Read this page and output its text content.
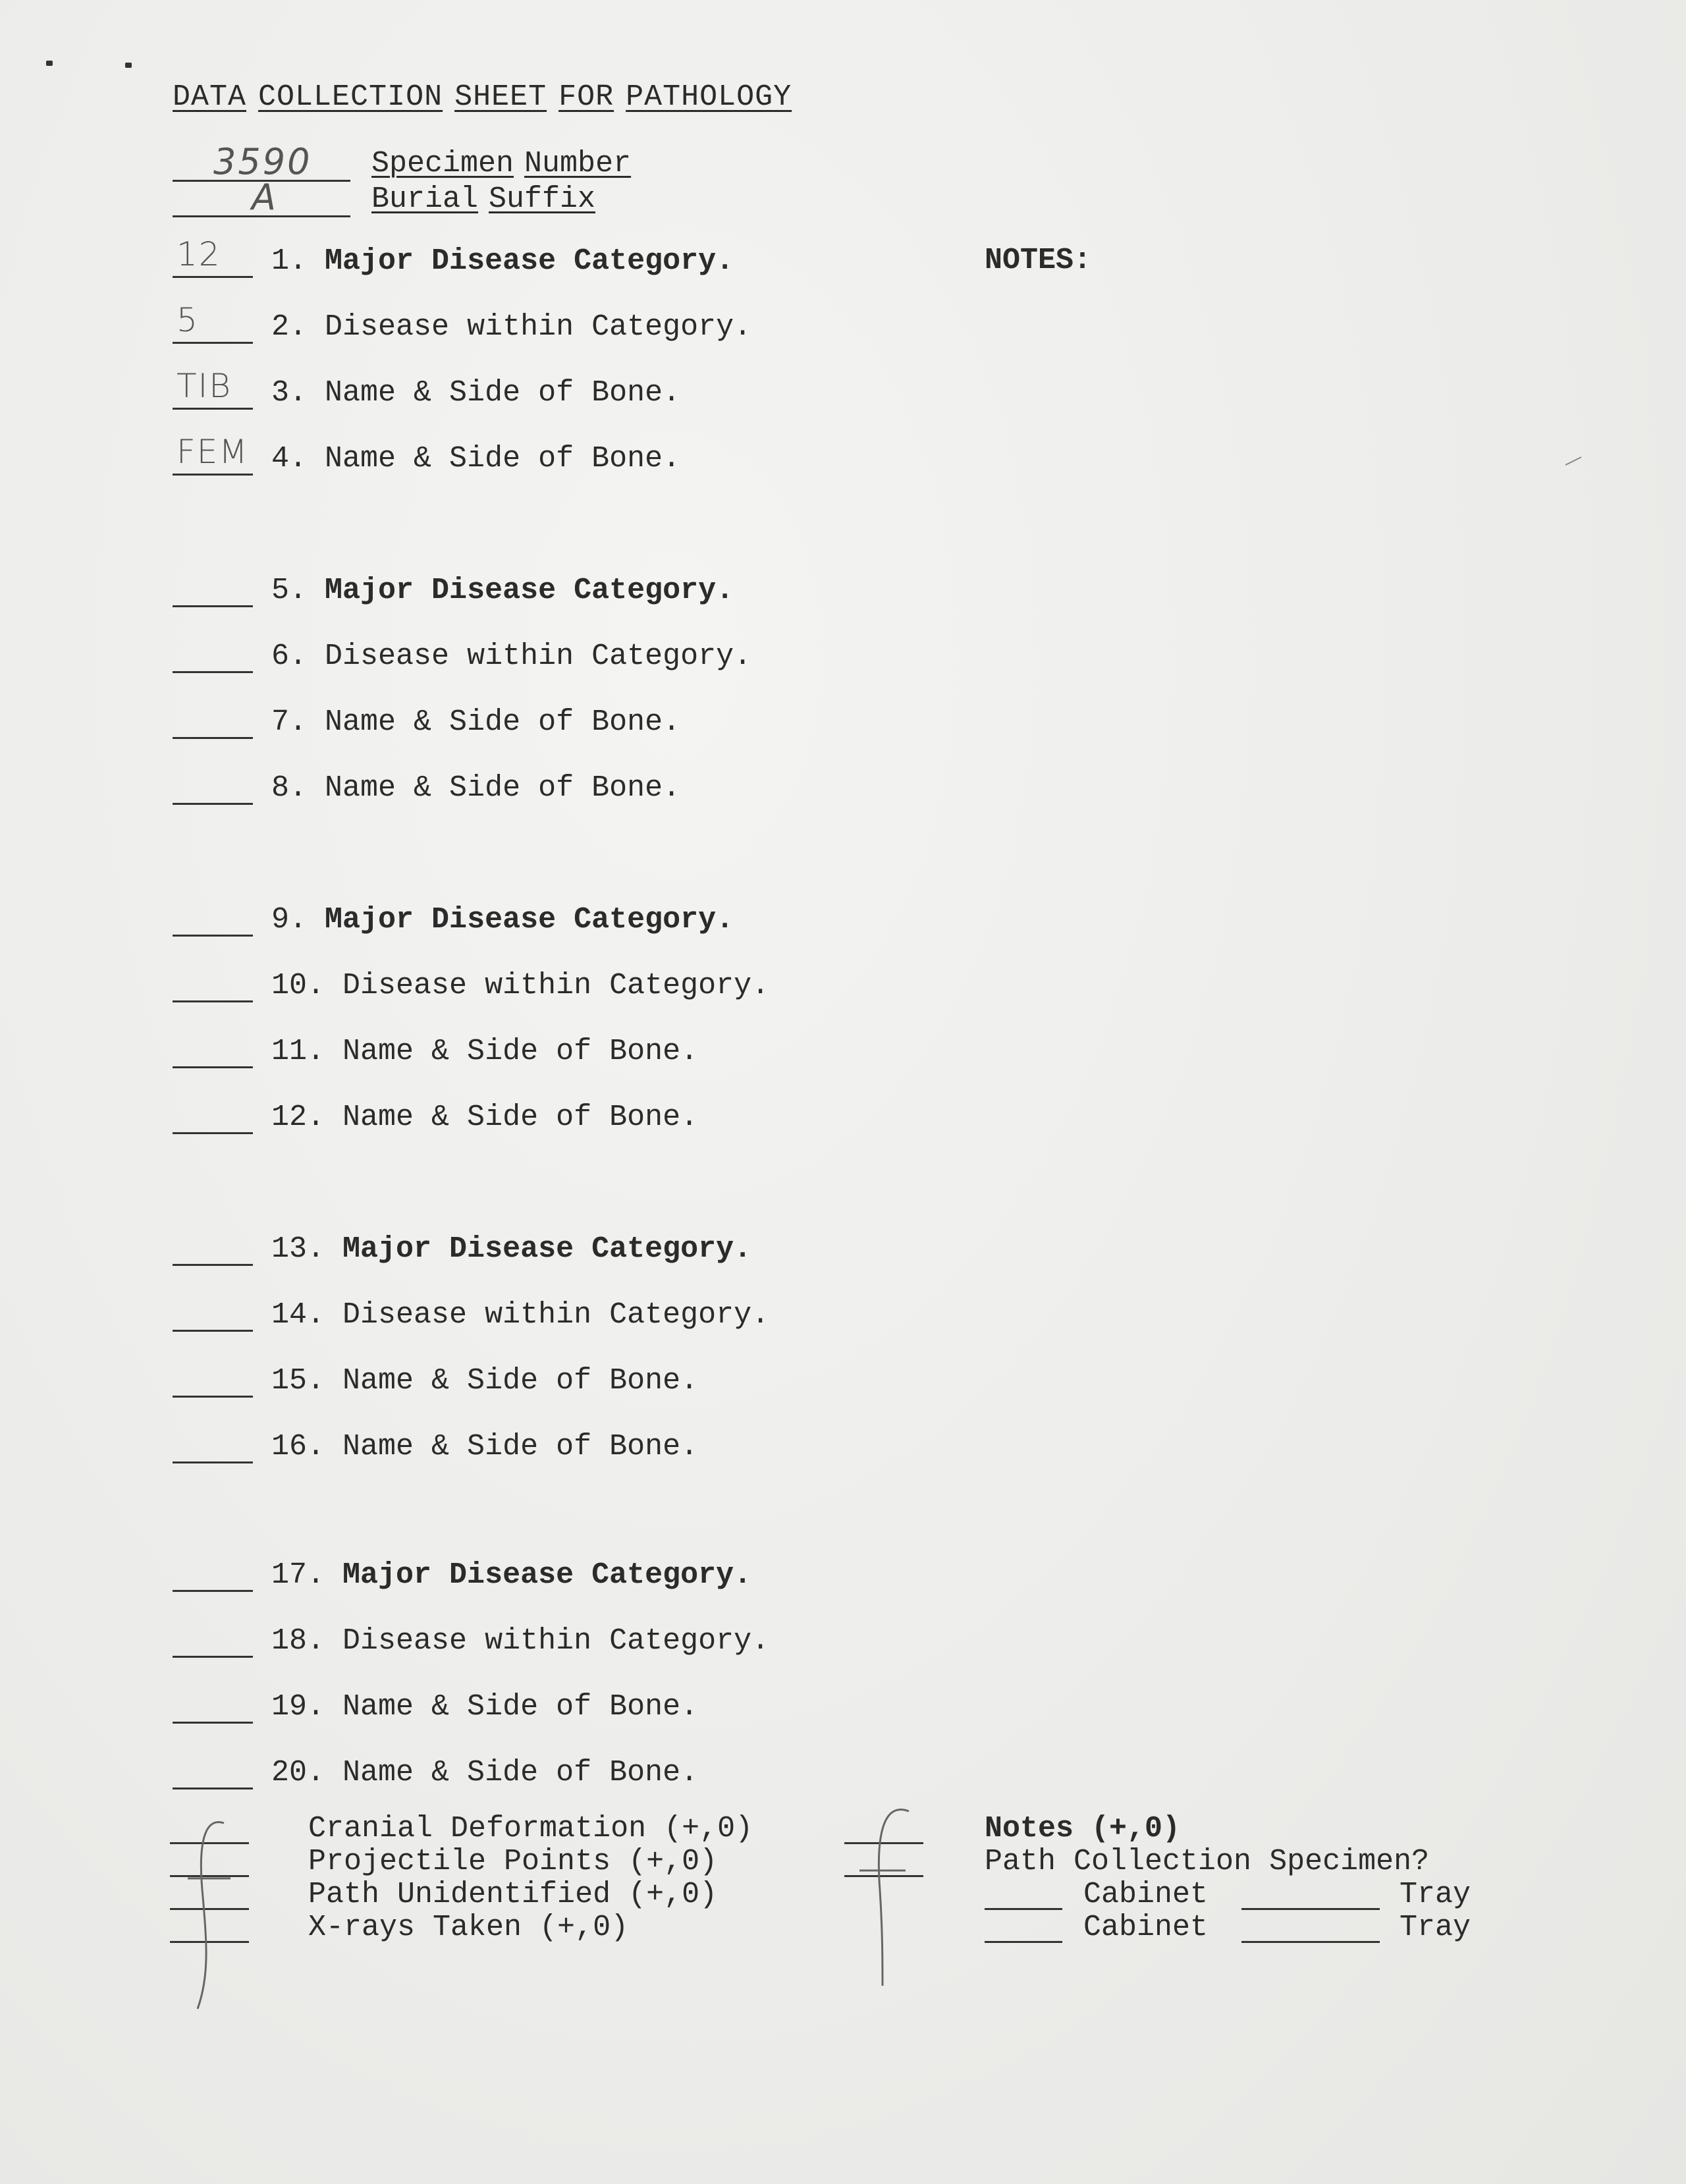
DATA COLLECTION SHEET FOR PATHOLOGY
3590 Specimen Number
A	Burial Suffix
NOTES:
12 1. Major Disease Category.
5 2. Disease within Category.
TIB 3. Name & Side of Bone.
FEM 4. Name & Side of Bone.
5. Major Disease Category.
6. Disease within Category.
7. Name & Side of Bone.
8. Name & Side of Bone.
9. Major Disease Category.
10. Disease within Category.
11. Name & Side of Bone.
12. Name & Side of Bone.
13. Major Disease Category.
14. Disease within Category.
15. Name & Side of Bone.
16. Name & Side of Bone.
17. Major Disease Category.
18. Disease within Category.
19. Name & Side of Bone.
20. Name & Side of Bone.
Cranial Deformation (+,0)
Projectile Points (+,0)
Path Unidentified (+,0)
X-rays Taken (+,0)
Notes (+,0)
Path Collection Specimen?
Cabinet	Tray
Cabinet	Tray
